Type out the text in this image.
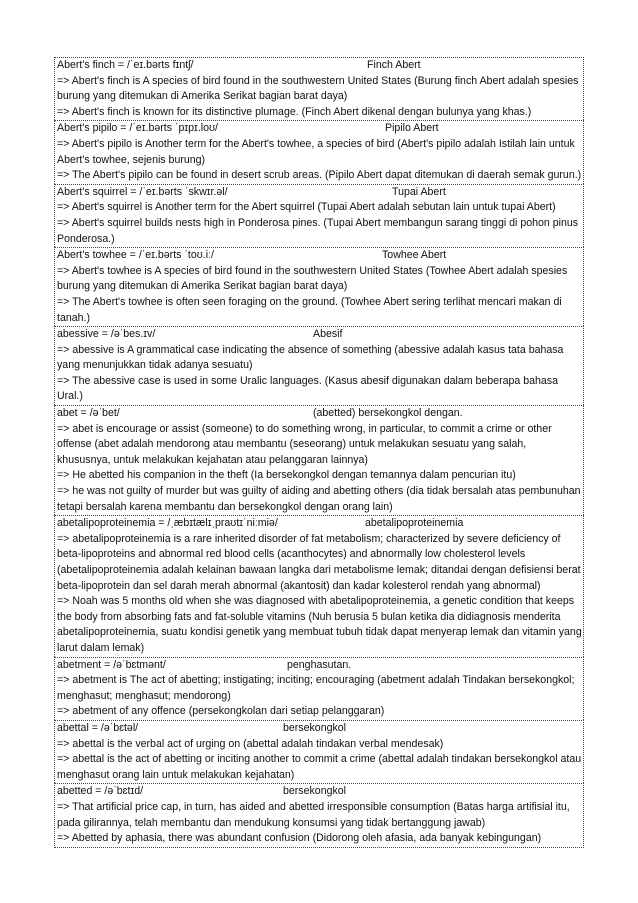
Abert's finch = /ˈeɪ.bərts fɪntʃ/	Finch Abert
=> Abert's finch is A species of bird found in the southwestern United States (Burung finch Abert adalah spesies burung yang ditemukan di Amerika Serikat bagian barat daya)
=> Abert's finch is known for its distinctive plumage. (Finch Abert dikenal dengan bulunya yang khas.)
Abert's pipilo = /ˈeɪ.bərts ˈpɪpɪ.loʊ/	Pipilo Abert
=> Abert's pipilo is Another term for the Abert's towhee, a species of bird (Abert's pipilo adalah Istilah lain untuk Abert's towhee, sejenis burung)
=> The Abert's pipilo can be found in desert scrub areas. (Pipilo Abert dapat ditemukan di daerah semak gurun.)
Abert's squirrel = /ˈeɪ.bərts ˈskwɪr.əl/	Tupai Abert
=> Abert's squirrel is Another term for the Abert squirrel (Tupai Abert adalah sebutan lain untuk tupai Abert)
=> Abert's squirrel builds nests high in Ponderosa pines. (Tupai Abert membangun sarang tinggi di pohon pinus Ponderosa.)
Abert's towhee = /ˈeɪ.bərts ˈtoʊ.iː/	Towhee Abert
=> Abert's towhee is A species of bird found in the southwestern United States (Towhee Abert adalah spesies burung yang ditemukan di Amerika Serikat bagian barat daya)
=> The Abert's towhee is often seen foraging on the ground. (Towhee Abert sering terlihat mencari makan di tanah.)
abessive = /əˈbes.ɪv/	Abesif
=> abessive is A grammatical case indicating the absence of something (abessive adalah kasus tata bahasa yang menunjukkan tidak adanya sesuatu)
=> The abessive case is used in some Uralic languages. (Kasus abesif digunakan dalam beberapa bahasa Ural.)
abet = /əˈbet/	(abetted) bersekongkol dengan.
=> abet is encourage or assist (someone) to do something wrong, in particular, to commit a crime or other offense (abet adalah mendorong atau membantu (seseorang) untuk melakukan sesuatu yang salah, khususnya, untuk melakukan kejahatan atau pelanggaran lainnya)
=> He abetted his companion in the theft (Ia bersekongkol dengan temannya dalam pencurian itu)
=> he was not guilty of murder but was guilty of aiding and abetting others (dia tidak bersalah atas pembunuhan tetapi bersalah karena membantu dan bersekongkol dengan orang lain)
abetalipoproteinemia = /ˌæbɪtælɪˌpraʊtɪˈniːmiə/	abetalipoproteinemia
=> abetalipoproteinemia is a rare inherited disorder of fat metabolism; characterized by severe deficiency of beta-lipoproteins and abnormal red blood cells (acanthocytes) and abnormally low cholesterol levels (abetalipoproteinemia adalah kelainan bawaan langka dari metabolisme lemak; ditandai dengan defisiensi berat beta-lipoprotein dan sel darah merah abnormal (akantosit) dan kadar kolesterol rendah yang abnormal)
=> Noah was 5 months old when she was diagnosed with abetalipoproteinemia, a genetic condition that keeps the body from absorbing fats and fat-soluble vitamins (Nuh berusia 5 bulan ketika dia didiagnosis menderita abetalipoproteinemia, suatu kondisi genetik yang membuat tubuh tidak dapat menyerap lemak dan vitamin yang larut dalam lemak)
abetment = /əˈbɛtmənt/	penghasutan.
=> abetment is The act of abetting; instigating; inciting; encouraging (abetment adalah Tindakan bersekongkol; menghasut; menghasut; mendorong)
=> abetment of any offence (persekongkolan dari setiap pelanggaran)
abettal = /əˈbɛtəl/	bersekongkol
=> abettal is the verbal act of urging on (abettal adalah tindakan verbal mendesak)
=> abettal is the act of abetting or inciting another to commit a crime (abettal adalah tindakan bersekongkol atau menghasut orang lain untuk melakukan kejahatan)
abetted = /əˈbɛtɪd/	bersekongkol
=> That artificial price cap, in turn, has aided and abetted irresponsible consumption (Batas harga artifisial itu, pada gilirannya, telah membantu dan mendukung konsumsi yang tidak bertanggung jawab)
=> Abetted by aphasia, there was abundant confusion (Didorong oleh afasia, ada banyak kebingungan)
